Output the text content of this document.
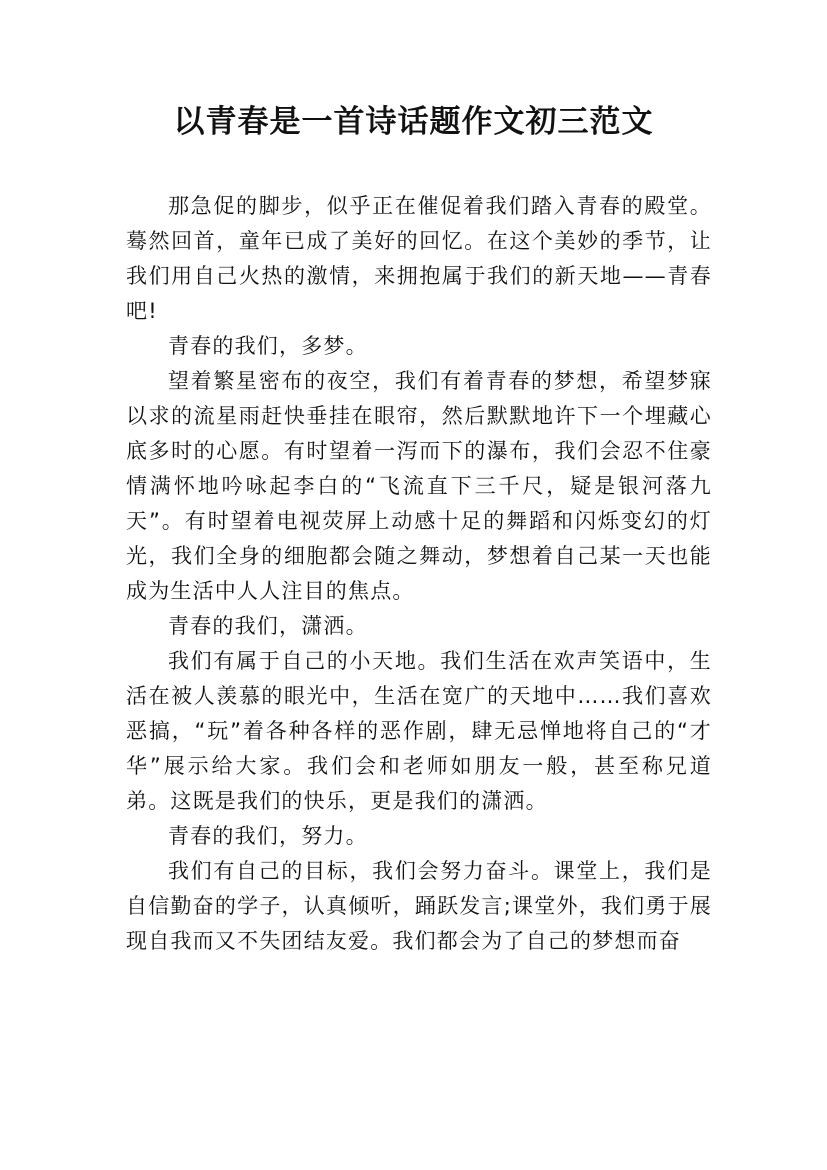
以青春是一首诗话题作文初三范文

那急促的脚步，似乎正在催促着我们踏入青春的殿堂。蓦然回首，童年已成了美好的回忆。在这个美妙的季节，让我们用自己火热的激情，来拥抱属于我们的新天地——青春吧!

青春的我们，多梦。

望着繁星密布的夜空，我们有着青春的梦想，希望梦寐以求的流星雨赶快垂挂在眼帘，然后默默地许下一个埋藏心底多时的心愿。有时望着一泻而下的瀑布，我们会忍不住豪情满怀地吟咏起李白的“飞流直下三千尺，疑是银河落九天”。有时望着电视荧屏上动感十足的舞蹈和闪烁变幻的灯光，我们全身的细胞都会随之舞动，梦想着自己某一天也能成为生活中人人注目的焦点。

青春的我们，潇洒。

我们有属于自己的小天地。我们生活在欢声笑语中，生活在被人羡慕的眼光中，生活在宽广的天地中……我们喜欢恶搞，“玩”着各种各样的恶作剧，肆无忌惮地将自己的“才华”展示给大家。我们会和老师如朋友一般，甚至称兄道弟。这既是我们的快乐，更是我们的潇洒。

青春的我们，努力。

我们有自己的目标，我们会努力奋斗。课堂上，我们是自信勤奋的学子，认真倾听，踊跃发言;课堂外，我们勇于展现自我而又不失团结友爱。我们都会为了自己的梦想而奋
